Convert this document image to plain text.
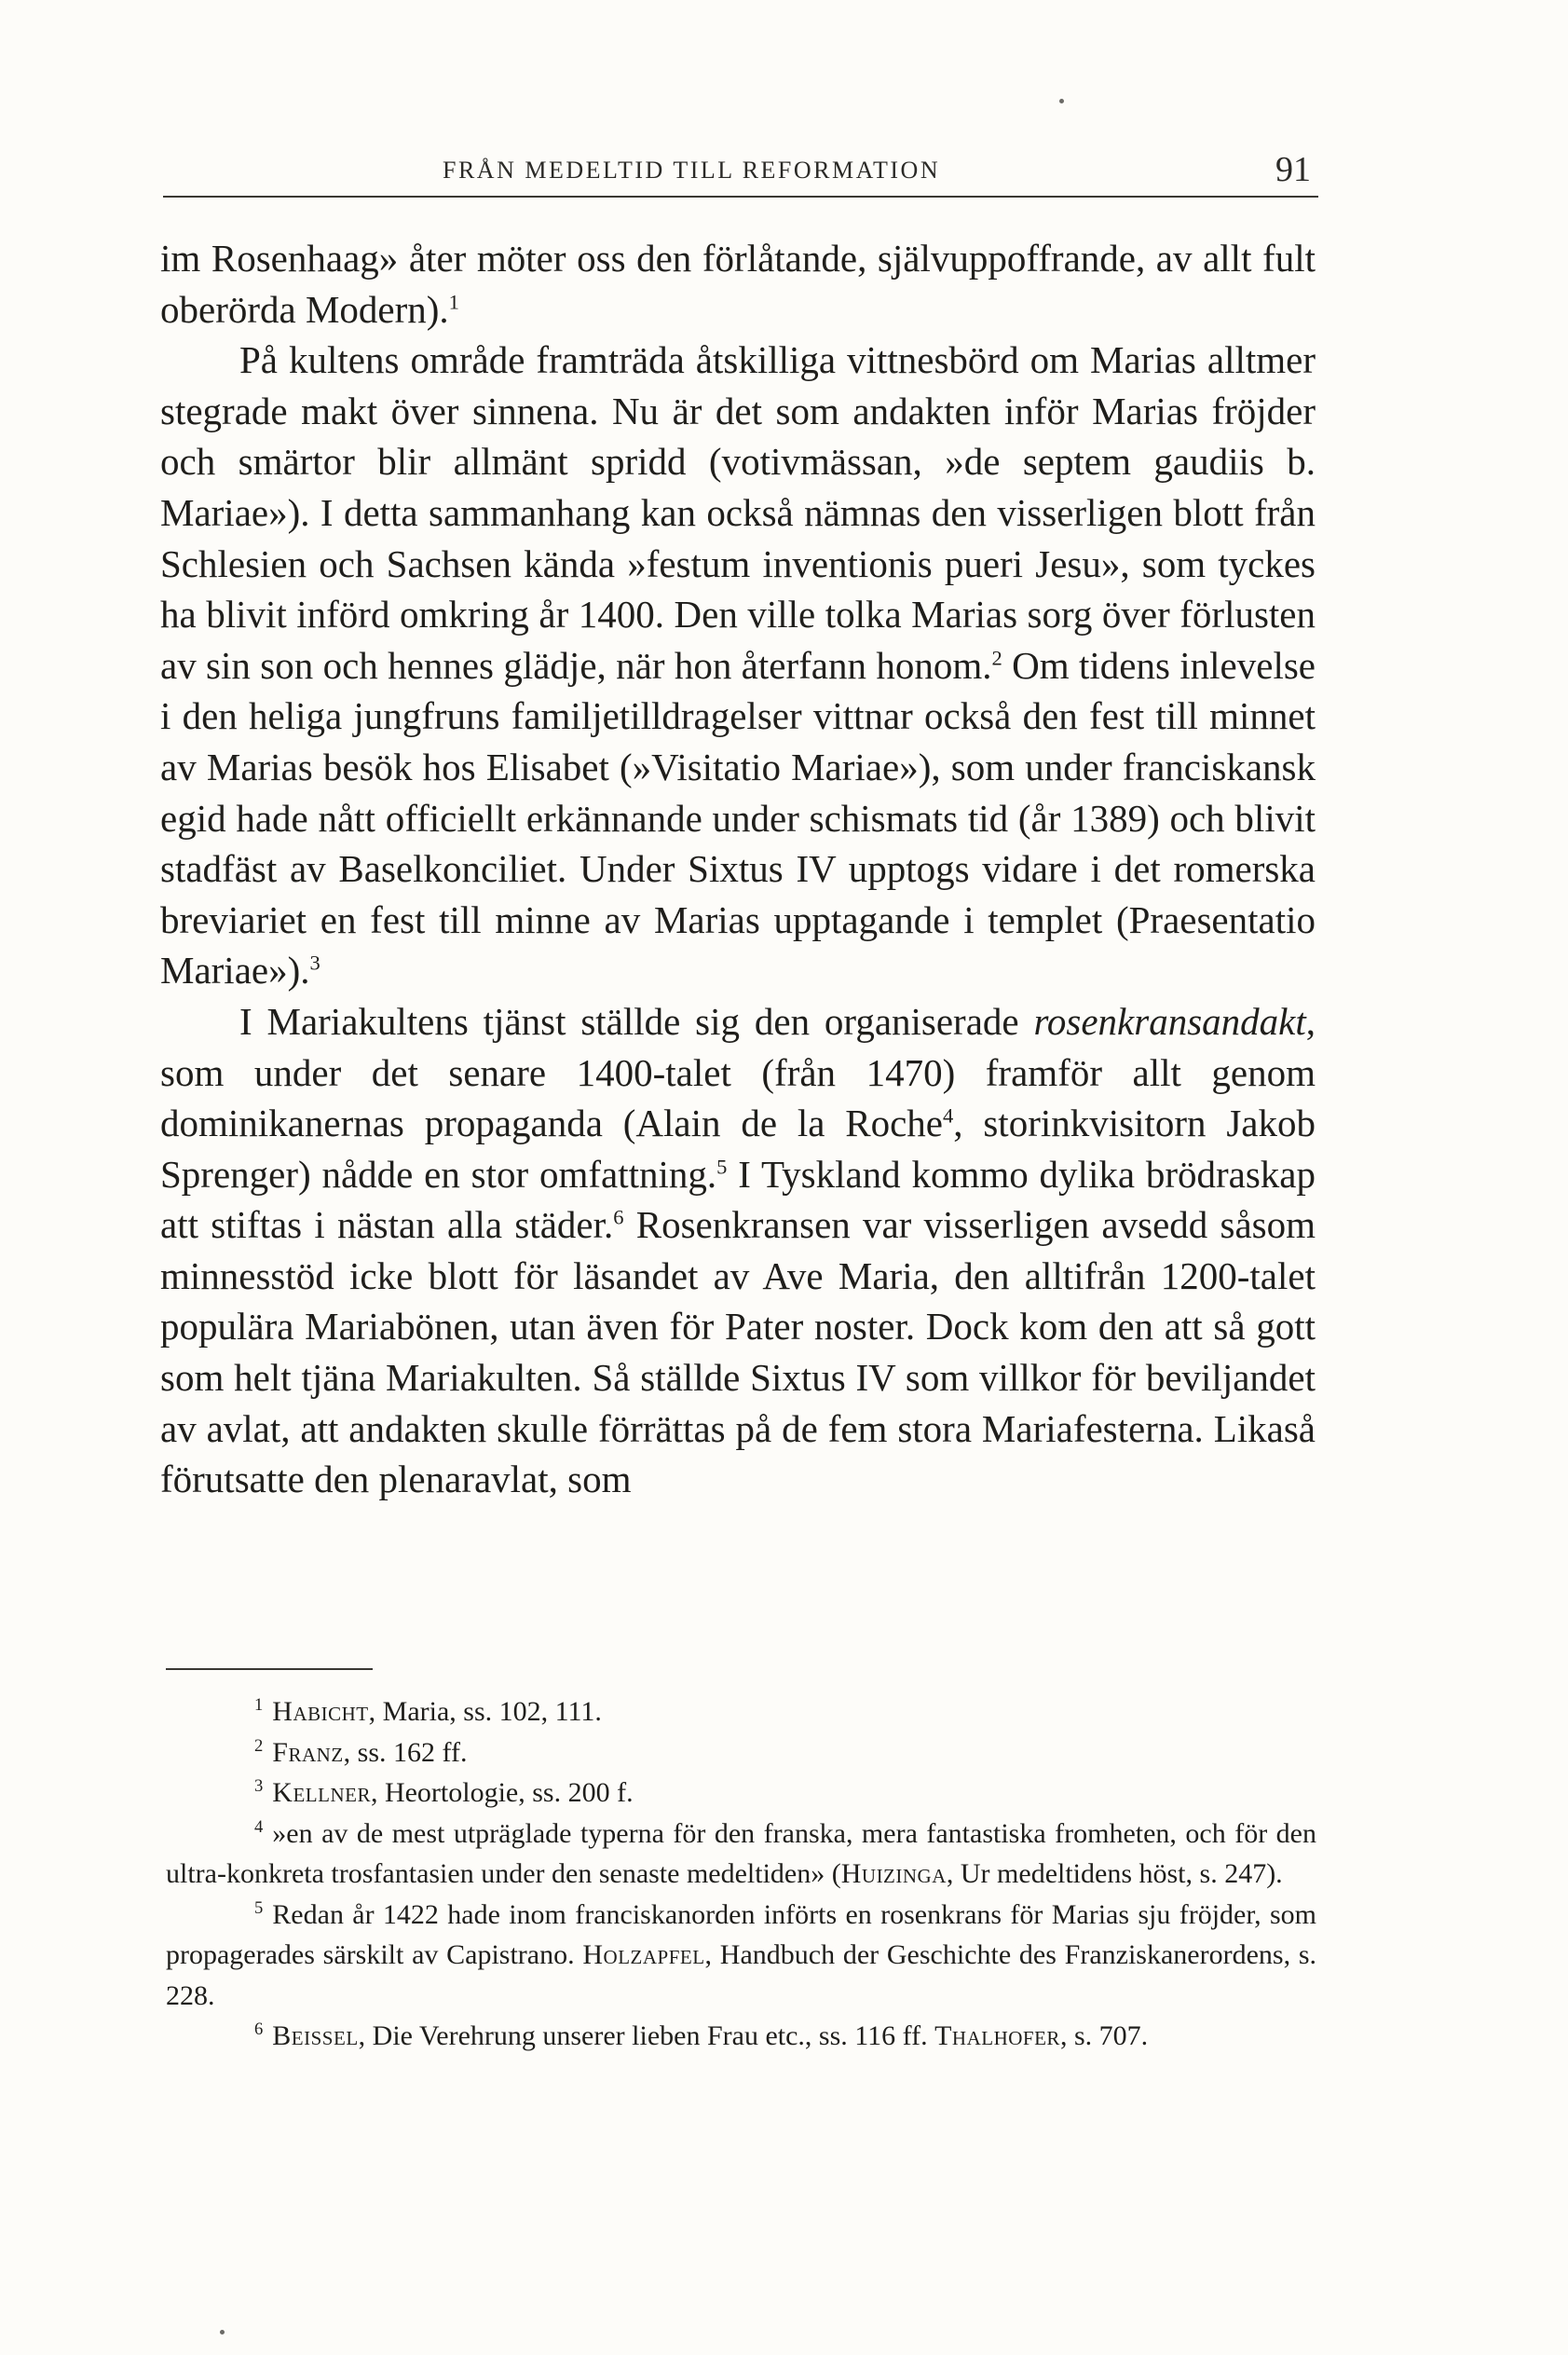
FRÅN MEDELTID TILL REFORMATION	91

im Rosenhaag» åter möter oss den förlåtande, självuppoffrande, av allt fult oberörda Modern).$^1$

På kultens område framträda åtskilliga vittnesbörd om Marias alltmer stegrade makt över sinnena. Nu är det som andakten inför Marias fröjder och smärtor blir allmänt spridd (votivmässan, »de septem gaudiis b. Mariae»). I detta sammanhang kan också nämnas den visserligen blott från Schlesien och Sachsen kända »festum inventionis pueri Jesu», som tyckes ha blivit införd omkring år 1400. Den ville tolka Marias sorg över förlusten av sin son och hennes glädje, när hon återfann honom.$^2$ Om tidens inlevelse i den heliga jungfruns familjetilldragelser vittnar också den fest till minnet av Marias besök hos Elisabet (»Visitatio Mariae»), som under franciskansk egid hade nått officiellt erkännande under schismats tid (år 1389) och blivit stadfäst av Baselkonciliet. Under Sixtus IV upptogs vidare i det romerska breviariet en fest till minne av Marias upptagande i templet (Praesentatio Mariae»).$^3$

I Mariakultens tjänst ställde sig den organiserade rosenkransandakt, som under det senare 1400-talet (från 1470) framför allt genom dominikanernas propaganda (Alain de la Roche$^4$, storinkvisitorn Jakob Sprenger) nådde en stor omfattning.$^5$ I Tyskland kommo dylika brödraskap att stiftas i nästan alla städer.$^6$ Rosenkransen var visserligen avsedd såsom minnesstöd icke blott för läsandet av Ave Maria, den alltifrån 1200-talet populära Mariabönen, utan även för Pater noster. Dock kom den att så gott som helt tjäna Mariakulten. Så ställde Sixtus IV som villkor för beviljandet av avlat, att andakten skulle förrättas på de fem stora Mariafesterna. Likaså förutsatte den plenaravlat, som

$^1$ Habicht, Maria, ss. 102, 111.

$^2$ Franz, ss. 162 ff.

$^3$ Kellner, Heortologie, ss. 200 f.

$^4$ »en av de mest utpräglade typerna för den franska, mera fantastiska fromheten, och för den ultra-konkreta trosfantasien under den senaste medeltiden» (Huizinga, Ur medeltidens höst, s. 247).

$^5$ Redan år 1422 hade inom franciskanorden införts en rosenkrans för Marias sju fröjder, som propagerades särskilt av Capistrano. Holzapfel, Handbuch der Geschichte des Franziskanerordens, s. 228.

$^6$ Beissel, Die Verehrung unserer lieben Frau etc., ss. 116 ff. Thalhofer, s. 707.
